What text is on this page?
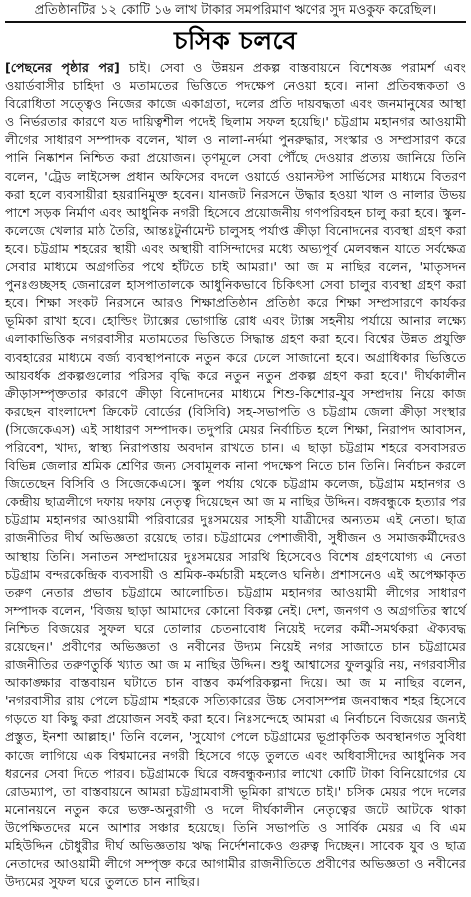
প্রতিষ্ঠানটির ১২ কোটি ১৬ লাখ টাকার সমপরিমাণ ঋণের সুদ মওকুফ করেছিল।
চসিক চলবে

[পেছনের পৃষ্ঠার পর] চাই। সেবা ও উন্নয়ন প্রকল্প বাস্তবায়নে বিশেষজ্ঞ পরামর্শ এবং ওয়ার্ডবাসীর চাহিদা ও মতামতের ভিত্তিতে পদক্ষেপ নেওয়া হবে। নানা প্রতিবন্ধকতা ও বিরোধিতা সত্ত্বেও নিজের কাজে একাগ্রতা, দলের প্রতি দায়বদ্ধতা এবং জনমানুষের আস্থা ও নির্ভরতার কারণে যত দায়িত্বশীল পদেই ছিলাম সফল হয়েছি।' চট্টগ্রাম মহানগর আওয়ামী লীগের সাধারণ সম্পাদক বলেন, খাল ও নালা-নর্দমা পুনরুদ্ধার, সংস্কার ও সম্প্রসারণ করে পানি নিষ্কাশন নিশ্চিত করা প্রয়োজন। তৃণমূলে সেবা পৌঁছে দেওয়ার প্রত্যয় জানিয়ে তিনি বলেন, 'ট্রেড লাইসেন্স প্রধান অফিসের বদলে ওয়ার্ডে ওয়ানস্টপ সার্ভিসের মাধ্যমে বিতরণ করা হলে ব্যবসায়ীরা হয়রানিমুক্ত হবেন। যানজট নিরসনে উদ্ধার হওয়া খাল ও নালার উভয় পাশে সড়ক নির্মাণ এবং আধুনিক নগরী হিসেবে প্রয়োজনীয় গণপরিবহন চালু করা হবে। স্কুল-কলেজে খেলার মাঠ তৈরি, আন্তঃটুর্নামেন্ট চালুসহ পর্যাপ্ত ক্রীড়া বিনোদনের ব্যবস্থা গ্রহণ করা হবে। চট্টগ্রাম শহরের স্থায়ী এবং অস্থায়ী বাসিন্দাদের মধ্যে অভ্যপূর্ব মেলবন্ধন যাতে সর্বক্ষেত্র সেবার মাধ্যমে অগ্রগতির পথে হাঁটতে চাই আমরা।' আ জ ম নাছির বলেন, 'মাতৃসদন পুনঃগুচ্ছসহ জেনারেল হাসপাতালকে আধুনিকভাবে চিকিৎসা সেবা চালুর ব্যবস্থা গ্রহণ করা হবে। শিক্ষা সংকট নিরসনে আরও শিক্ষাপ্রতিষ্ঠান প্রতিষ্ঠা করে শিক্ষা সম্প্রসারণে কার্যকর ভূমিকা রাখা হবে। হোল্ডিং ট্যাক্সের ভোগান্তি রোধ এবং ট্যাক্স সহনীয় পর্যায়ে আনার লক্ষ্যে এলাকাভিত্তিক নগরবাসীর মতামতের ভিত্তিতে সিদ্ধান্ত গ্রহণ করা হবে। বিশ্বের উন্নত প্রযুক্তি ব্যবহারের মাধ্যমে বর্জ্য ব্যবস্থাপনাকে নতুন করে ঢেলে সাজানো হবে। অগ্রাধিকার ভিত্তিতে আয়বর্ধক প্রকল্পগুলোর পরিসর বৃদ্ধি করে নতুন নতুন প্রকল্প গ্রহণ করা হবে।' দীর্ঘকালীন ক্রীড়াসম্পৃক্ততার কারণে ক্রীড়া বিনোদনের মাধ্যমে শিশু-কিশোর-যুব সম্প্রদায় নিয়ে কাজ করছেন বাংলাদেশ ক্রিকেট বোর্ডের (বিসিবি) সহ-সভাপতি ও চট্টগ্রাম জেলা ক্রীড়া সংস্থার (সিজেকেএস) এই সাধারণ সম্পাদক। তদুপরি মেয়র নির্বাচিত হলে শিক্ষা, নিরাপদ আবাসন, পরিবেশ, খাদ্য, স্বাস্থ্য নিরাপত্তায় অবদান রাখতে চান। এ ছাড়া চট্টগ্রাম শহরে বসবাসরত বিভিন্ন জেলার শ্রমিক শ্রেণির জন্য সেবামূলক নানা পদক্ষেপ নিতে চান তিনি। নির্বাচন করলে জিতেছেন বিসিবি ও সিজেকেএসে। স্কুল পর্যায় থেকে চট্টগ্রাম কলেজ, চট্টগ্রাম মহানগর ও কেন্দ্রীয় ছাত্রলীগে দফায় দফায় নেতৃত্ব দিয়েছেন আ জ ম নাছির উদ্দিন। বঙ্গবন্ধুকে হত্যার পর চট্টগ্রাম মহানগর আওয়ামী পরিবারের দুঃসময়ের সাহসী যাত্রীদের অন্যতম এই নেতা। ছাত্র রাজনীতির দীর্ঘ অভিজ্ঞতা রয়েছে তার। চট্টগ্রামের পেশাজীবী, সুধীজন ও সমাজকর্মীদেরও আস্থায় তিনি। সনাতন সম্প্রদায়ের দুঃসময়ের সারথি হিসেবেও বিশেষ গ্রহণযোগ্য এ নেতা চট্টগ্রাম বন্দরকেন্দ্রিক ব্যবসায়ী ও শ্রমিক-কর্মচারী মহলেও ঘনিষ্ঠ। প্রশাসনেও এই অপেক্ষাকৃত তরুণ নেতার প্রভাব চট্টগ্রামে আলোচিত। চট্টগ্রাম মহানগর আওয়ামী লীগের সাধারণ সম্পাদক বলেন, 'বিজয় ছাড়া আমাদের কোনো বিকল্প নেই। দেশ, জনগণ ও অগ্রগতির স্বার্থে নিশ্চিত বিজয়ের সুফল ঘরে তোলার চেতনাবোধ নিয়েই দলের কর্মী-সমর্থকরা ঐক্যবদ্ধ রয়েছেন।' প্রবীণের অভিজ্ঞতা ও নবীনের উদ্যম নিয়েই নগর সাজাতে চান চট্টগ্রামের রাজনীতির তরুণতুর্কি খ্যাত আ জ ম নাছির উদ্দিন। শুধু আশ্বাসের ফুলঝুরি নয়, নগরবাসীর আকাঙ্ক্ষার বাস্তবায়ন ঘটাতে চান বাস্তব কর্মপরিকল্পনা দিয়ে। আ জ ম নাছির বলেন, 'নগরবাসীর রায় পেলে চট্টগ্রাম শহরকে সত্যিকারের উচ্চ সেবাসম্পন্ন জনবান্ধব শহর হিসেবে গড়তে যা কিছু করা প্রয়োজন সবই করা হবে। নিঃসন্দেহে আমরা এ নির্বাচনে বিজয়ের জন্যই প্রস্তুত, ইনশা আল্লাহ।' তিনি বলেন, 'সুযোগ পেলে চট্টগ্রামের ভূপ্রাকৃতিক অবস্থানগত সুবিধা কাজে লাগিয়ে এক বিশ্বমানের নগরী হিসেবে গড়ে তুলতে এবং অধিবাসীদের আধুনিক সব ধরনের সেবা দিতে পারব। চট্টগ্রামকে ঘিরে বঙ্গবন্ধুকন্যার লাখো কোটি টাকা বিনিয়োগের যে রোডম্যাপ, তা বাস্তবায়নে আমরা চট্টগ্রামবাসী ভূমিকা রাখতে চাই।' চসিক মেয়র পদে দলের মনোনয়নে নতুন করে ভক্ত-অনুরাগী ও দলে দীর্ঘকালীন নেতৃত্বের জটে আটকে থাকা উপেক্ষিতদের মনে আশার সঞ্চার হয়েছে। তিনি সভাপতি ও সার্বিক মেয়র এ বি এম মহিউদ্দিন চৌধুরীর দীর্ঘ অভিজ্ঞতায় ঋদ্ধ নির্দেশনাকেও গুরুত্ব দিচ্ছেন। সাবেক যুব ও ছাত্র নেতাদের আওয়ামী লীগে সম্পৃক্ত করে আগামীর রাজনীতিতে প্রবীণের অভিজ্ঞতা ও নবীনের উদ্যমের সুফল ঘরে তুলতে চান নাছির।
